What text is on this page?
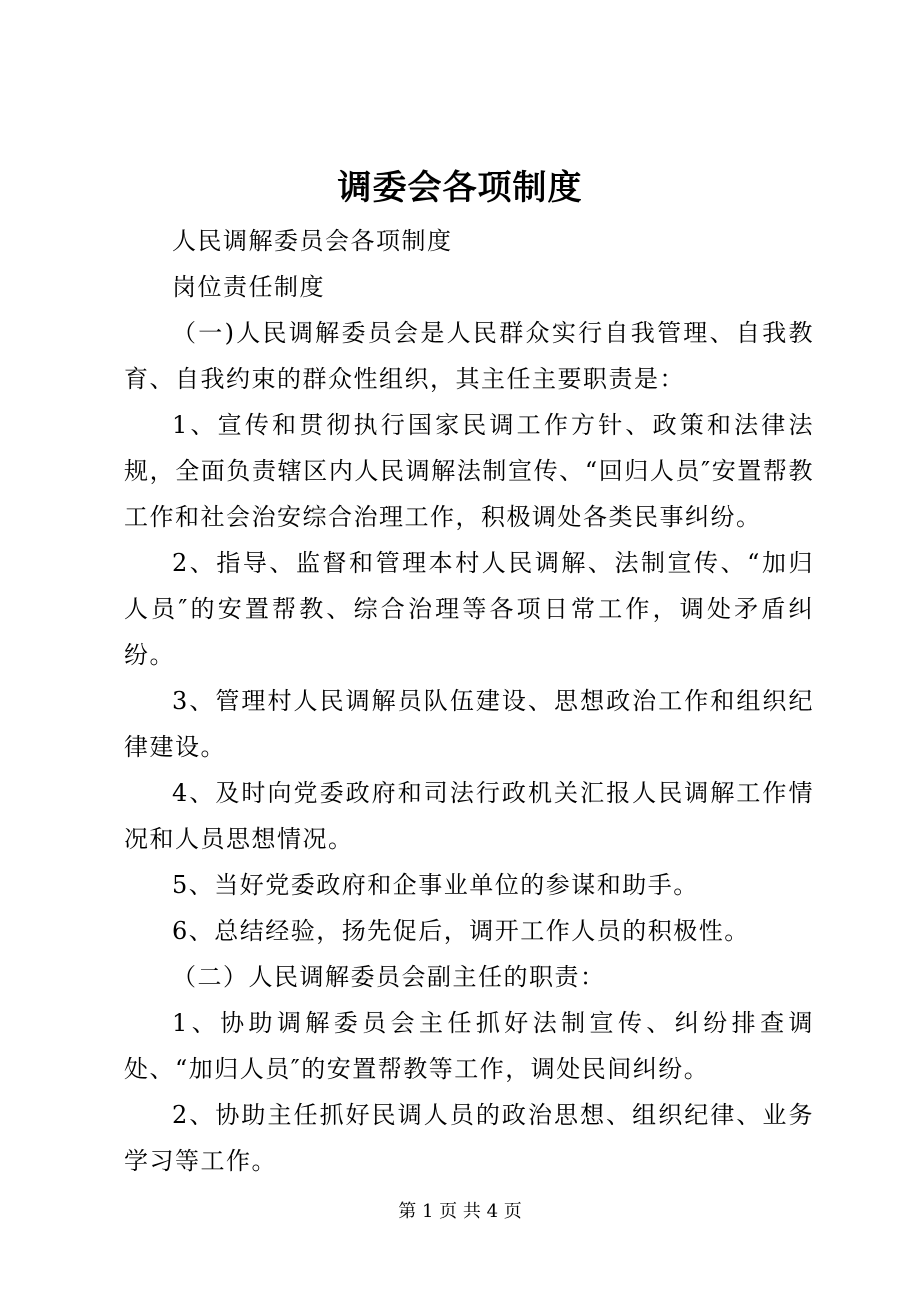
调委会各项制度

人民调解委员会各项制度

岗位责任制度

（一)人民调解委员会是人民群众实行自我管理、自我教育、自我约束的群众性组织，其主任主要职责是：

1、宣传和贯彻执行国家民调工作方针、政策和法律法规，全面负责辖区内人民调解法制宣传、“回归人员″安置帮教工作和社会治安综合治理工作，积极调处各类民事纠纷。

2、指导、监督和管理本村人民调解、法制宣传、“加归人员″的安置帮教、综合治理等各项日常工作，调处矛盾纠纷。

3、管理村人民调解员队伍建设、思想政治工作和组织纪律建设。

4、及时向党委政府和司法行政机关汇报人民调解工作情况和人员思想情况。

5、当好党委政府和企事业单位的参谋和助手。

6、总结经验，扬先促后，调开工作人员的积极性。

（二）人民调解委员会副主任的职责：

1、协助调解委员会主任抓好法制宣传、纠纷排查调处、“加归人员″的安置帮教等工作，调处民间纠纷。

2、协助主任抓好民调人员的政治思想、组织纪律、业务学习等工作。

第 1 页 共 4 页
